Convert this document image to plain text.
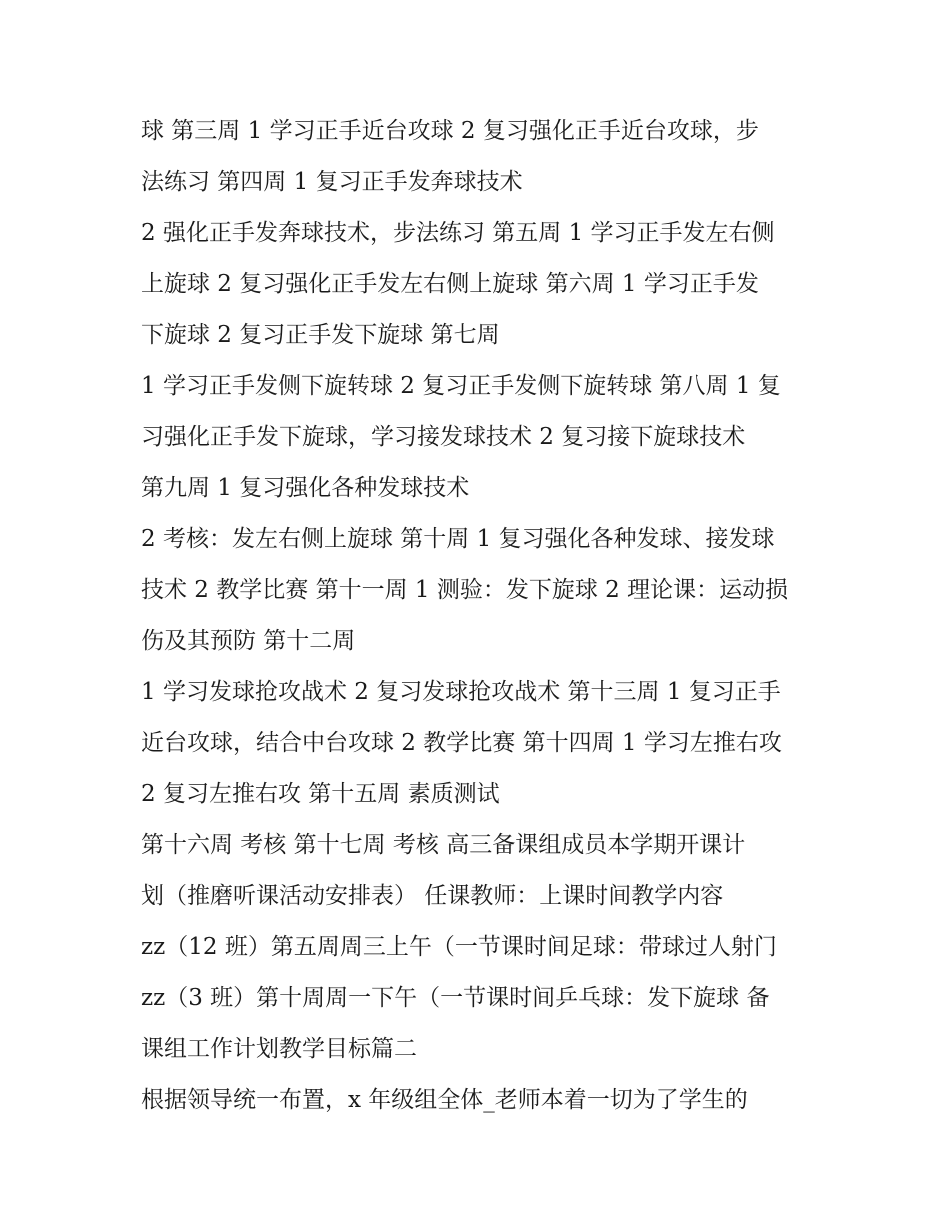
球 第三周 1 学习正手近台攻球 2 复习强化正手近台攻球，步

法练习 第四周 1 复习正手发奔球技术

2 强化正手发奔球技术，步法练习 第五周 1 学习正手发左右侧

上旋球 2 复习强化正手发左右侧上旋球 第六周 1 学习正手发

下旋球 2 复习正手发下旋球 第七周

1 学习正手发侧下旋转球 2 复习正手发侧下旋转球 第八周 1 复

习强化正手发下旋球，学习接发球技术 2 复习接下旋球技术

第九周 1 复习强化各种发球技术

2 考核：发左右侧上旋球 第十周 1 复习强化各种发球、接发球

技术 2 教学比赛 第十一周 1 测验：发下旋球 2 理论课：运动损

伤及其预防 第十二周

1 学习发球抢攻战术 2 复习发球抢攻战术 第十三周 1 复习正手

近台攻球，结合中台攻球 2 教学比赛 第十四周 1 学习左推右攻

2 复习左推右攻 第十五周 素质测试

第十六周 考核 第十七周 考核 高三备课组成员本学期开课计

划（推磨听课活动安排表） 任课教师：上课时间教学内容

zz（12 班）第五周周三上午（一节课时间足球：带球过人射门

zz（3 班）第十周周一下午（一节课时间乒乓球：发下旋球 备

课组工作计划教学目标篇二

根据领导统一布置，x 年级组全体_老师本着一切为了学生的
